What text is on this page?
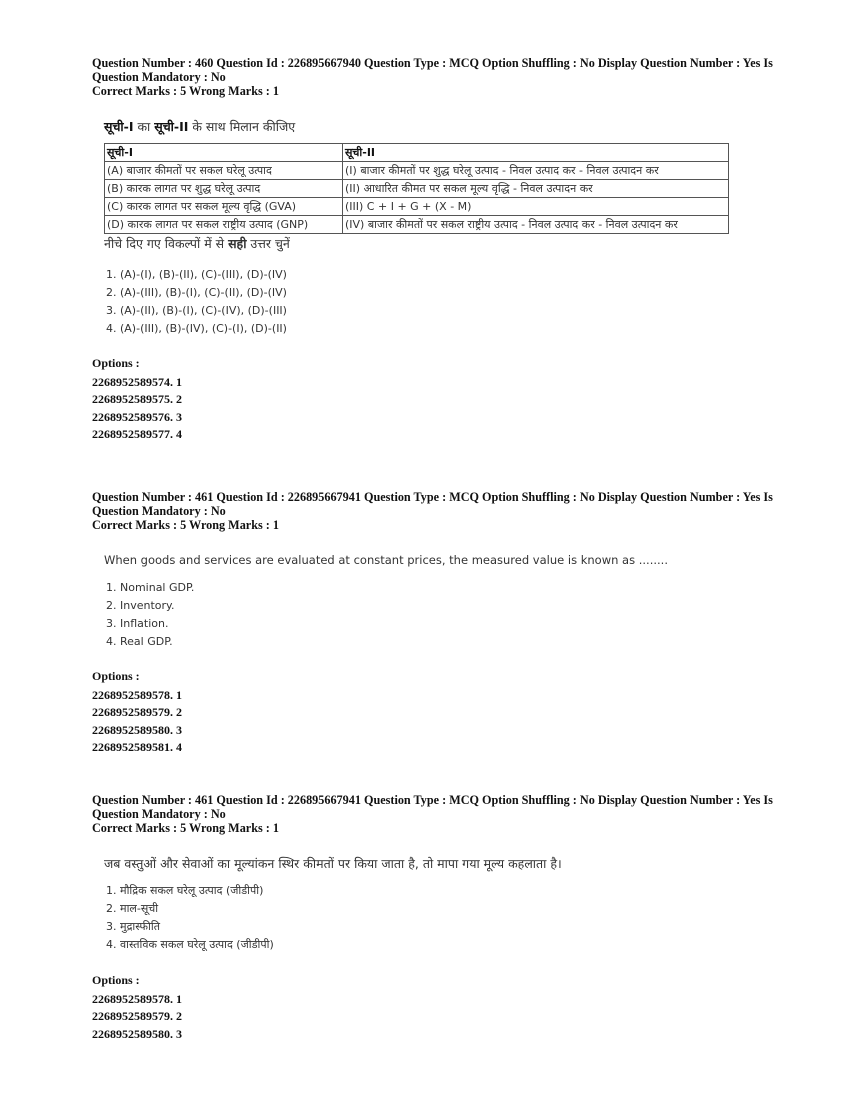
Question Number : 460 Question Id : 226895667940 Question Type : MCQ Option Shuffling : No Display Question Number : Yes Is
Question Mandatory : No
Correct Marks : 5 Wrong Marks : 1
सूची-I का सूची-II के साथ मिलान कीजिए
सूची-I	सूची-II
(A) बाजार कीमतों पर सकल घरेलू उत्पाद	(I) बाजार कीमतों पर शुद्ध घरेलू उत्पाद - निवल उत्पाद कर - निवल उत्पादन कर
(B) कारक लागत पर शुद्ध घरेलू उत्पाद	(II) आधारित कीमत पर सकल मूल्य वृद्धि - निवल उत्पादन कर
(C) कारक लागत पर सकल मूल्य वृद्धि (GVA)	(III) C + I + G + (X - M)
(D) कारक लागत पर सकल राष्ट्रीय उत्पाद (GNP)	(IV) बाजार कीमतों पर सकल राष्ट्रीय उत्पाद - निवल उत्पाद कर - निवल उत्पादन कर
नीचे दिए गए विकल्पों में से सही उत्तर चुनें
1. (A)-(I), (B)-(II), (C)-(III), (D)-(IV)
2. (A)-(III), (B)-(I), (C)-(II), (D)-(IV)
3. (A)-(II), (B)-(I), (C)-(IV), (D)-(III)
4. (A)-(III), (B)-(IV), (C)-(I), (D)-(II)
Options :
2268952589574. 1
2268952589575. 2
2268952589576. 3
2268952589577. 4
Question Number : 461 Question Id : 226895667941 Question Type : MCQ Option Shuffling : No Display Question Number : Yes Is
Question Mandatory : No
Correct Marks : 5 Wrong Marks : 1
When goods and services are evaluated at constant prices, the measured value is known as ........
1. Nominal GDP.
2. Inventory.
3. Inflation.
4. Real GDP.
Options :
2268952589578. 1
2268952589579. 2
2268952589580. 3
2268952589581. 4
Question Number : 461 Question Id : 226895667941 Question Type : MCQ Option Shuffling : No Display Question Number : Yes Is
Question Mandatory : No
Correct Marks : 5 Wrong Marks : 1
जब वस्तुओं और सेवाओं का मूल्यांकन स्थिर कीमतों पर किया जाता है, तो मापा गया मूल्य कहलाता है।
1. मौद्रिक सकल घरेलू उत्पाद (जीडीपी)
2. माल-सूची
3. मुद्रास्फीति
4. वास्तविक सकल घरेलू उत्पाद (जीडीपी)
Options :
2268952589578. 1
2268952589579. 2
2268952589580. 3
